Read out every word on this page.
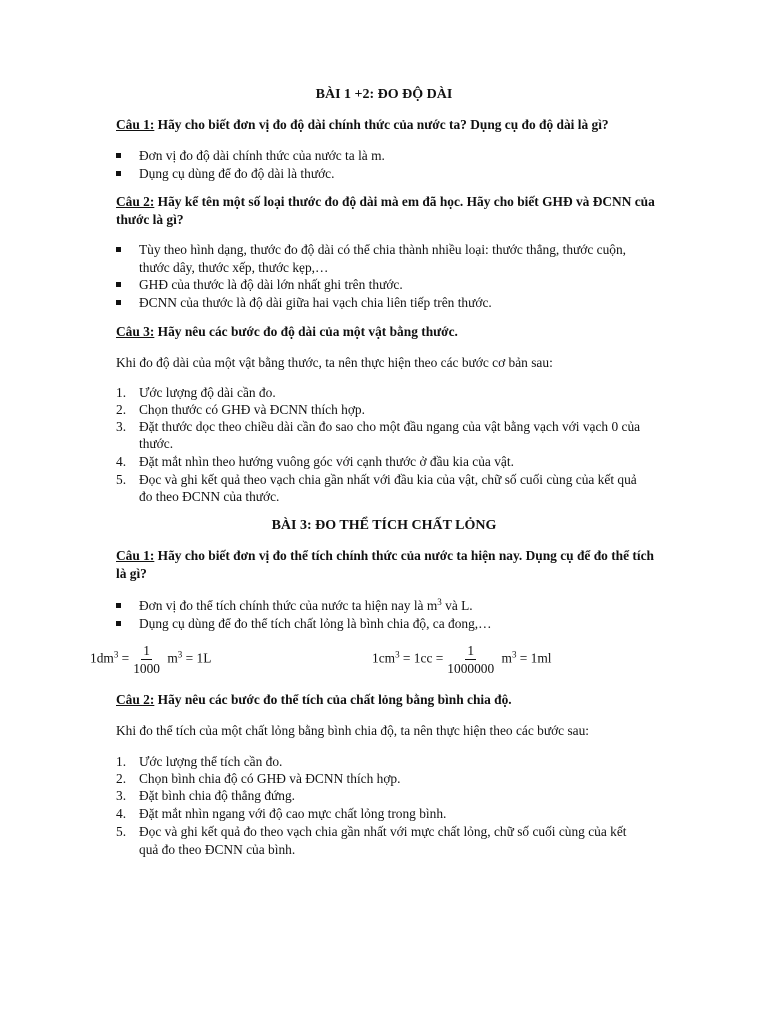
BÀI 1 +2: ĐO ĐỘ DÀI
Câu 1: Hãy cho biết đơn vị đo độ dài chính thức của nước ta? Dụng cụ đo độ dài là gì?
Đơn vị đo độ dài chính thức của nước ta là m.
Dụng cụ dùng để đo độ dài là thước.
Câu 2: Hãy kể tên một số loại thước đo độ dài mà em đã học. Hãy cho biết GHĐ và ĐCNN của
thước là gì?
Tùy theo hình dạng, thước đo độ dài có thể chia thành nhiều loại: thước thẳng, thước cuộn,
thước dây, thước xếp, thước kẹp,…
GHĐ của thước là độ dài lớn nhất ghi trên thước.
ĐCNN của thước là độ dài giữa hai vạch chia liên tiếp trên thước.
Câu 3: Hãy nêu các bước đo độ dài của một vật bằng thước.
Khi đo độ dài của một vật bằng thước, ta nên thực hiện theo các bước cơ bản sau:
1. Ước lượng độ dài cần đo.
2. Chọn thước có GHĐ và ĐCNN thích hợp.
3. Đặt thước dọc theo chiều dài cần đo sao cho một đầu ngang của vật bằng vạch với vạch 0 của
thước.
4. Đặt mắt nhìn theo hướng vuông góc với cạnh thước ở đầu kia của vật.
5. Đọc và ghi kết quả theo vạch chia gần nhất với đầu kia của vật, chữ số cuối cùng của kết quả
đo theo ĐCNN của thước.
BÀI 3: ĐO THỂ TÍCH CHẤT LỎNG
Câu 1: Hãy cho biết đơn vị đo thể tích chính thức của nước ta hiện nay. Dụng cụ để đo thể tích
là gì?
Đơn vị đo thể tích chính thức của nước ta hiện nay là $m^3$ và L.
Dụng cụ dùng để đo thể tích chất lỏng là bình chia độ, ca đong,…
$1dm^3 = \frac{1}{1000} m^3 = 1L$	$1cm^3 = 1cc = \frac{1}{1000000} m^3 = 1ml$
Câu 2: Hãy nêu các bước đo thể tích của chất lỏng bằng bình chia độ.
Khi đo thể tích của một chất lỏng bằng bình chia độ, ta nên thực hiện theo các bước sau:
1. Ước lượng thể tích cần đo.
2. Chọn bình chia độ có GHĐ và ĐCNN thích hợp.
3. Đặt bình chia độ thẳng đứng.
4. Đặt mắt nhìn ngang với độ cao mực chất lỏng trong bình.
5. Đọc và ghi kết quả đo theo vạch chia gần nhất với mực chất lỏng, chữ số cuối cùng của kết
quả đo theo ĐCNN của bình.
